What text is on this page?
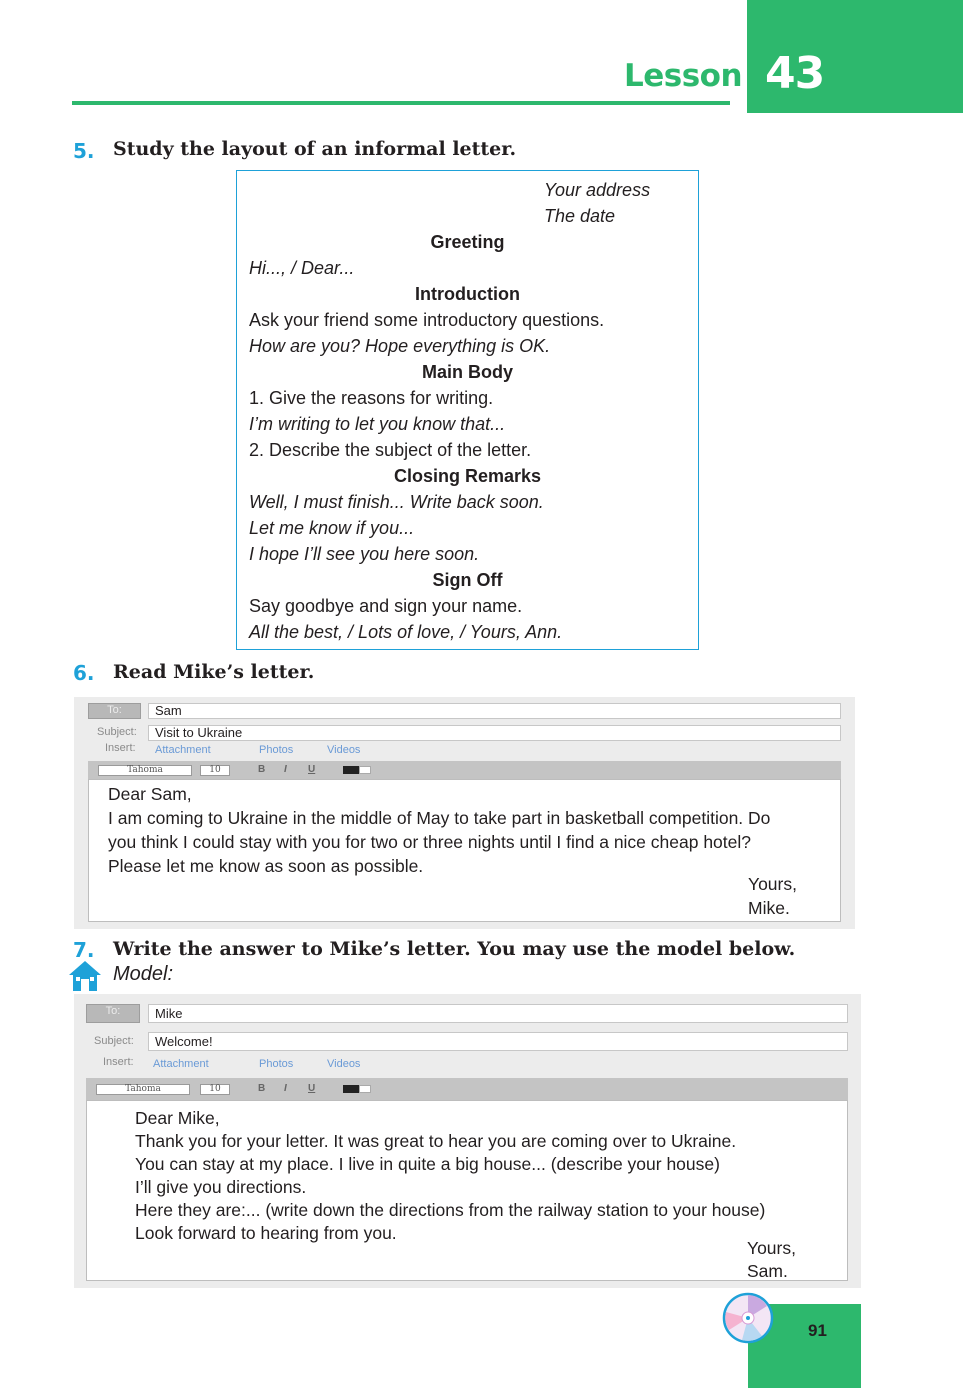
Lesson 43
5. Study the layout of an informal letter.
Your address
The date
Greeting
Hi..., / Dear...
Introduction
Ask your friend some introductory questions.
How are you? Hope everything is OK.
Main Body
1. Give the reasons for writing.
I’m writing to let you know that...
2. Describe the subject of the letter.
Closing Remarks
Well, I must finish... Write back soon.
Let me know if you...
I hope I’ll see you here soon.
Sign Off
Say goodbye and sign your name.
All the best, / Lots of love, / Yours, Ann.
6. Read Mike’s letter.
To:	Sam
Subject:	Visit to Ukraine
Insert: Attachment	Photos	Videos
Tahoma	10	B I U
Dear Sam,
I am coming to Ukraine in the middle of May to take part in basketball competition. Do
you think I could stay with you for two or three nights until I find a nice cheap hotel?
Please let me know as soon as possible.
Yours,
Mike.
7. Write the answer to Mike’s letter. You may use the model below.
Model:
To:	Mike
Subject:	Welcome!
Insert: Attachment	Photos	Videos
Tahoma	10	B I U
Dear Mike,
Thank you for your letter. It was great to hear you are coming over to Ukraine.
You can stay at my place. I live in quite a big house... (describe your house)
I’ll give you directions.
Here they are:... (write down the directions from the railway station to your house)
Look forward to hearing from you.
Yours,
Sam.
91
